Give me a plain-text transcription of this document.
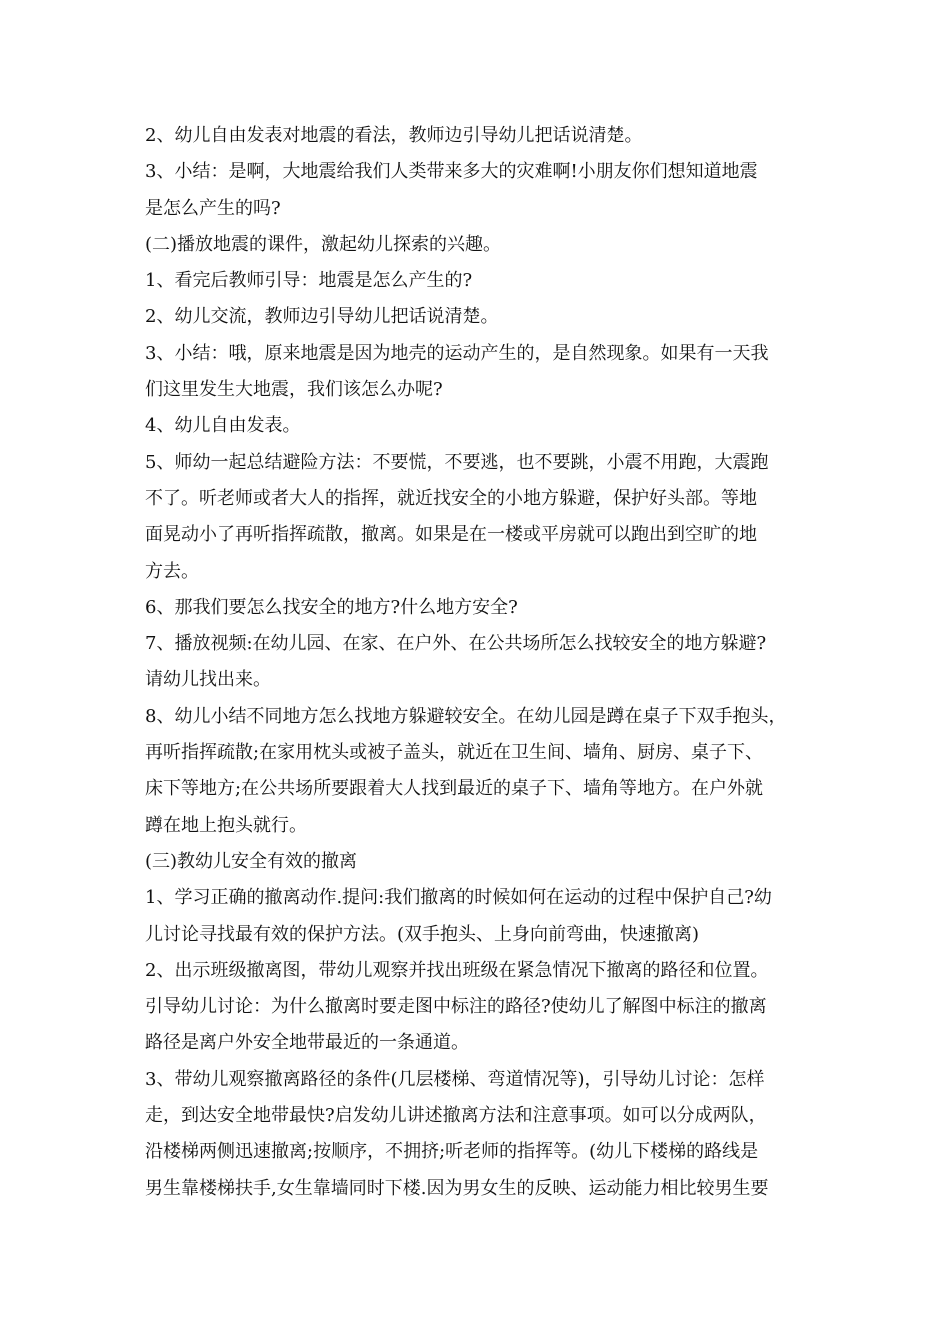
2、幼儿自由发表对地震的看法，教师边引导幼儿把话说清楚。
3、小结：是啊，大地震给我们人类带来多大的灾难啊!小朋友你们想知道地震
是怎么产生的吗?
(二)播放地震的课件，激起幼儿探索的兴趣。
1、看完后教师引导：地震是怎么产生的?
2、幼儿交流，教师边引导幼儿把话说清楚。
3、小结：哦，原来地震是因为地壳的运动产生的，是自然现象。如果有一天我
们这里发生大地震，我们该怎么办呢?
4、幼儿自由发表。
5、师幼一起总结避险方法：不要慌，不要逃，也不要跳，小震不用跑，大震跑
不了。听老师或者大人的指挥，就近找安全的小地方躲避，保护好头部。等地
面晃动小了再听指挥疏散，撤离。如果是在一楼或平房就可以跑出到空旷的地
方去。
6、那我们要怎么找安全的地方?什么地方安全?
7、播放视频:在幼儿园、在家、在户外、在公共场所怎么找较安全的地方躲避?
请幼儿找出来。
8、幼儿小结不同地方怎么找地方躲避较安全。在幼儿园是蹲在桌子下双手抱头，
再听指挥疏散;在家用枕头或被子盖头，就近在卫生间、墙角、厨房、桌子下、
床下等地方;在公共场所要跟着大人找到最近的桌子下、墙角等地方。在户外就
蹲在地上抱头就行。
(三)教幼儿安全有效的撤离
1、学习正确的撤离动作.提问:我们撤离的时候如何在运动的过程中保护自己?幼
儿讨论寻找最有效的保护方法。(双手抱头、上身向前弯曲，快速撤离)
2、出示班级撤离图，带幼儿观察并找出班级在紧急情况下撤离的路径和位置。
引导幼儿讨论：为什么撤离时要走图中标注的路径?使幼儿了解图中标注的撤离
路径是离户外安全地带最近的一条通道。
3、带幼儿观察撤离路径的条件(几层楼梯、弯道情况等)，引导幼儿讨论：怎样
走，到达安全地带最快?启发幼儿讲述撤离方法和注意事项。如可以分成两队，
沿楼梯两侧迅速撤离;按顺序，不拥挤;听老师的指挥等。(幼儿下楼梯的路线是
男生靠楼梯扶手,女生靠墙同时下楼.因为男女生的反映、运动能力相比较男生要
